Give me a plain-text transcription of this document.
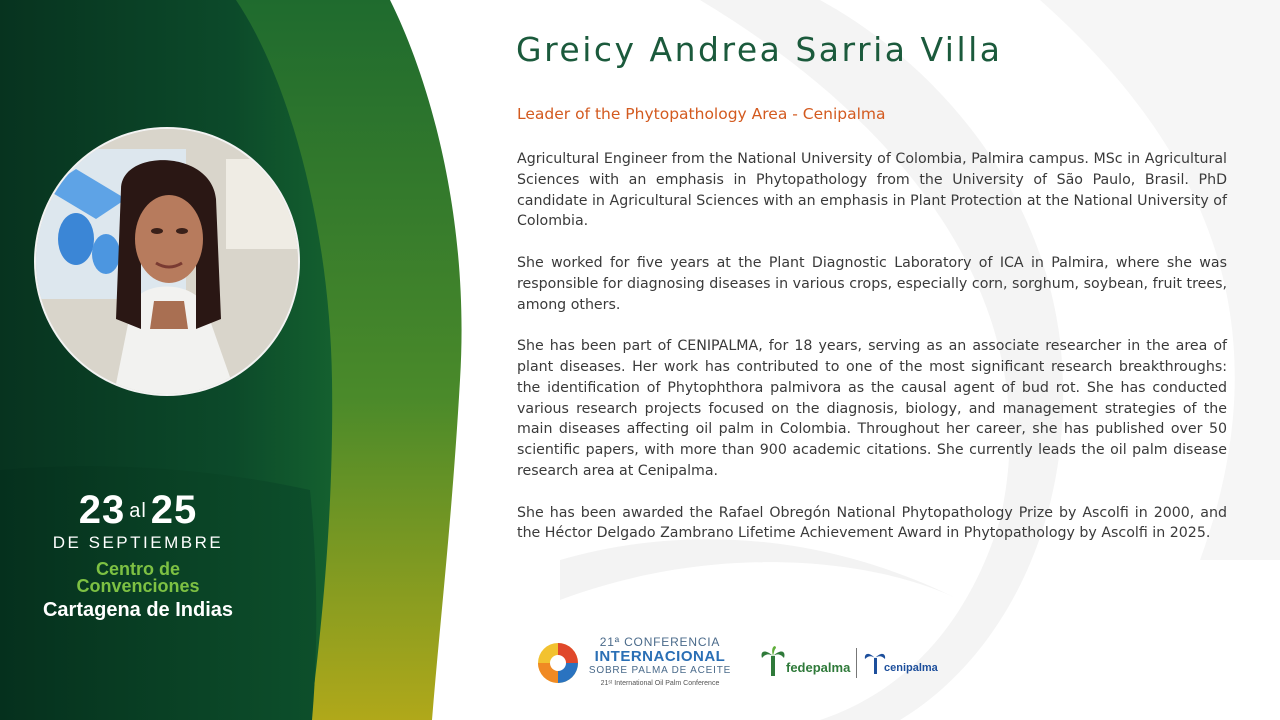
23 al 25
DE SEPTIEMBRE
Centro de
Convenciones
Cartagena de Indias
Greicy Andrea Sarria Villa
Leader of the Phytopathology Area - Cenipalma

Agricultural Engineer from the National University of Colombia, Palmira campus. MSc in Agricultural Sciences with an emphasis in Phytopathology from the University of São Paulo, Brasil. PhD candidate in Agricultural Sciences with an emphasis in Plant Protection at the National University of Colombia.

She worked for five years at the Plant Diagnostic Laboratory of ICA in Palmira, where she was responsible for diagnosing diseases in various crops, especially corn, sorghum, soybean, fruit trees, among others.

She has been part of CENIPALMA, for 18 years, serving as an associate researcher in the area of plant diseases. Her work has contributed to one of the most significant research breakthroughs: the identification of Phytophthora palmivora as the causal agent of bud rot. She has conducted various research projects focused on the diagnosis, biology, and management strategies of the main diseases affecting oil palm in Colombia. Throughout her career, she has published over 50 scientific papers, with more than 900 academic citations. She currently leads the oil palm disease research area at Cenipalma.

She has been awarded the Rafael Obregón National Phytopathology Prize by Ascolfi in 2000, and the Héctor Delgado Zambrano Lifetime Achievement Award in Phytopathology by Ascolfi in 2025.

21ª CONFERENCIA
INTERNACIONAL
SOBRE PALMA DE ACEITE
21ˢᵗ International Oil Palm Conference
fedepalma	cenipalma
